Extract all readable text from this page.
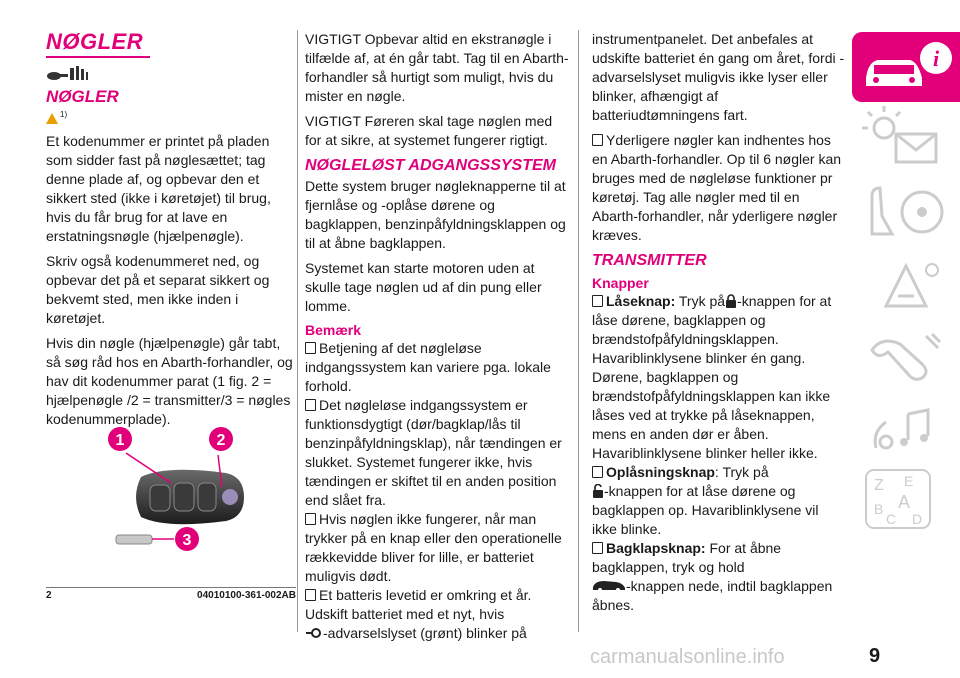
NØGLER
NØGLER
$^{1)}$

Et kodenummer er printet på pladen som sidder fast på nøglesættet; tag denne plade af, og opbevar den et sikkert sted (ikke i køretøjet) til brug, hvis du får brug for at lave en erstatningsnøgle (hjælpenøgle).

Skriv også kodenummeret ned, og opbevar det på et separat sikkert og bekvemt sted, men ikke inden i køretøjet.

Hvis din nøgle (hjælpenøgle) går tabt, så søg råd hos en Abarth-forhandler, og hav dit kodenummer parat (1 fig. 2 = hjælpenøgle /2 = transmitter/3 = nøgles kodenummerplade).

1	2
3
2	04010100-361-002AB

VIGTIGT Opbevar altid en ekstranøgle i tilfælde af, at én går tabt. Tag til en Abarth-forhandler så hurtigt som muligt, hvis du mister en nøgle.

VIGTIGT Føreren skal tage nøglen med for at sikre, at systemet fungerer rigtigt.

NØGLELØST ADGANGSSYSTEM

Dette system bruger nøgleknapperne til at fjernlåse og -oplåse dørene og bagklappen, benzinpåfyldningsklappen og til at åbne bagklappen.

Systemet kan starte motoren uden at skulle tage nøglen ud af din pung eller lomme.

Bemærk

Betjening af det nøgleløse indgangssystem kan variere pga. lokale forhold.

Det nøgleløse indgangssystem er funktionsdygtigt (dør/bagklap/lås til benzinpåfyldningsklap), når tændingen er slukket. Systemet fungerer ikke, hvis tændingen er skiftet til en anden position end slået fra.

Hvis nøglen ikke fungerer, når man trykker på en knap eller den operationelle rækkevidde bliver for lille, er batteriet muligvis dødt.

Et batteris levetid er omkring et år. Udskift batteriet med et nyt, hvis

-advarselslyset (grønt) blinker på

instrumentpanelet. Det anbefales at udskifte batteriet én gang om året, fordi -advarselslyset muligvis ikke lyser eller blinker, afhængigt af batteriudtømningens fart.

Yderligere nøgler kan indhentes hos en Abarth-forhandler. Op til 6 nøgler kan bruges med de nøgleløse funktioner pr køretøj. Tag alle nøgler med til en Abarth-forhandler, når yderligere nøgler kræves.

TRANSMITTER
Knapper

Låseknap: Tryk på -knappen for at låse dørene, bagklappen og brændstofpåfyldningsklappen. Havariblinklysene blinker én gang. Dørene, bagklappen og brændstofpåfyldningsklappen kan ikke låses ved at trykke på låseknappen, mens en anden dør er åben. Havariblinklysene blinker heller ikke.

Oplåsningsknap: Tryk på
-knappen for at låse dørene og bagklappen op. Havariblinklysene vil ikke blinke.

Bagklapsknap: For at åbne bagklappen, tryk og hold
-knappen nede, indtil bagklappen åbnes.

i
Z E
B A
C D
carmanualsonline.info	9
